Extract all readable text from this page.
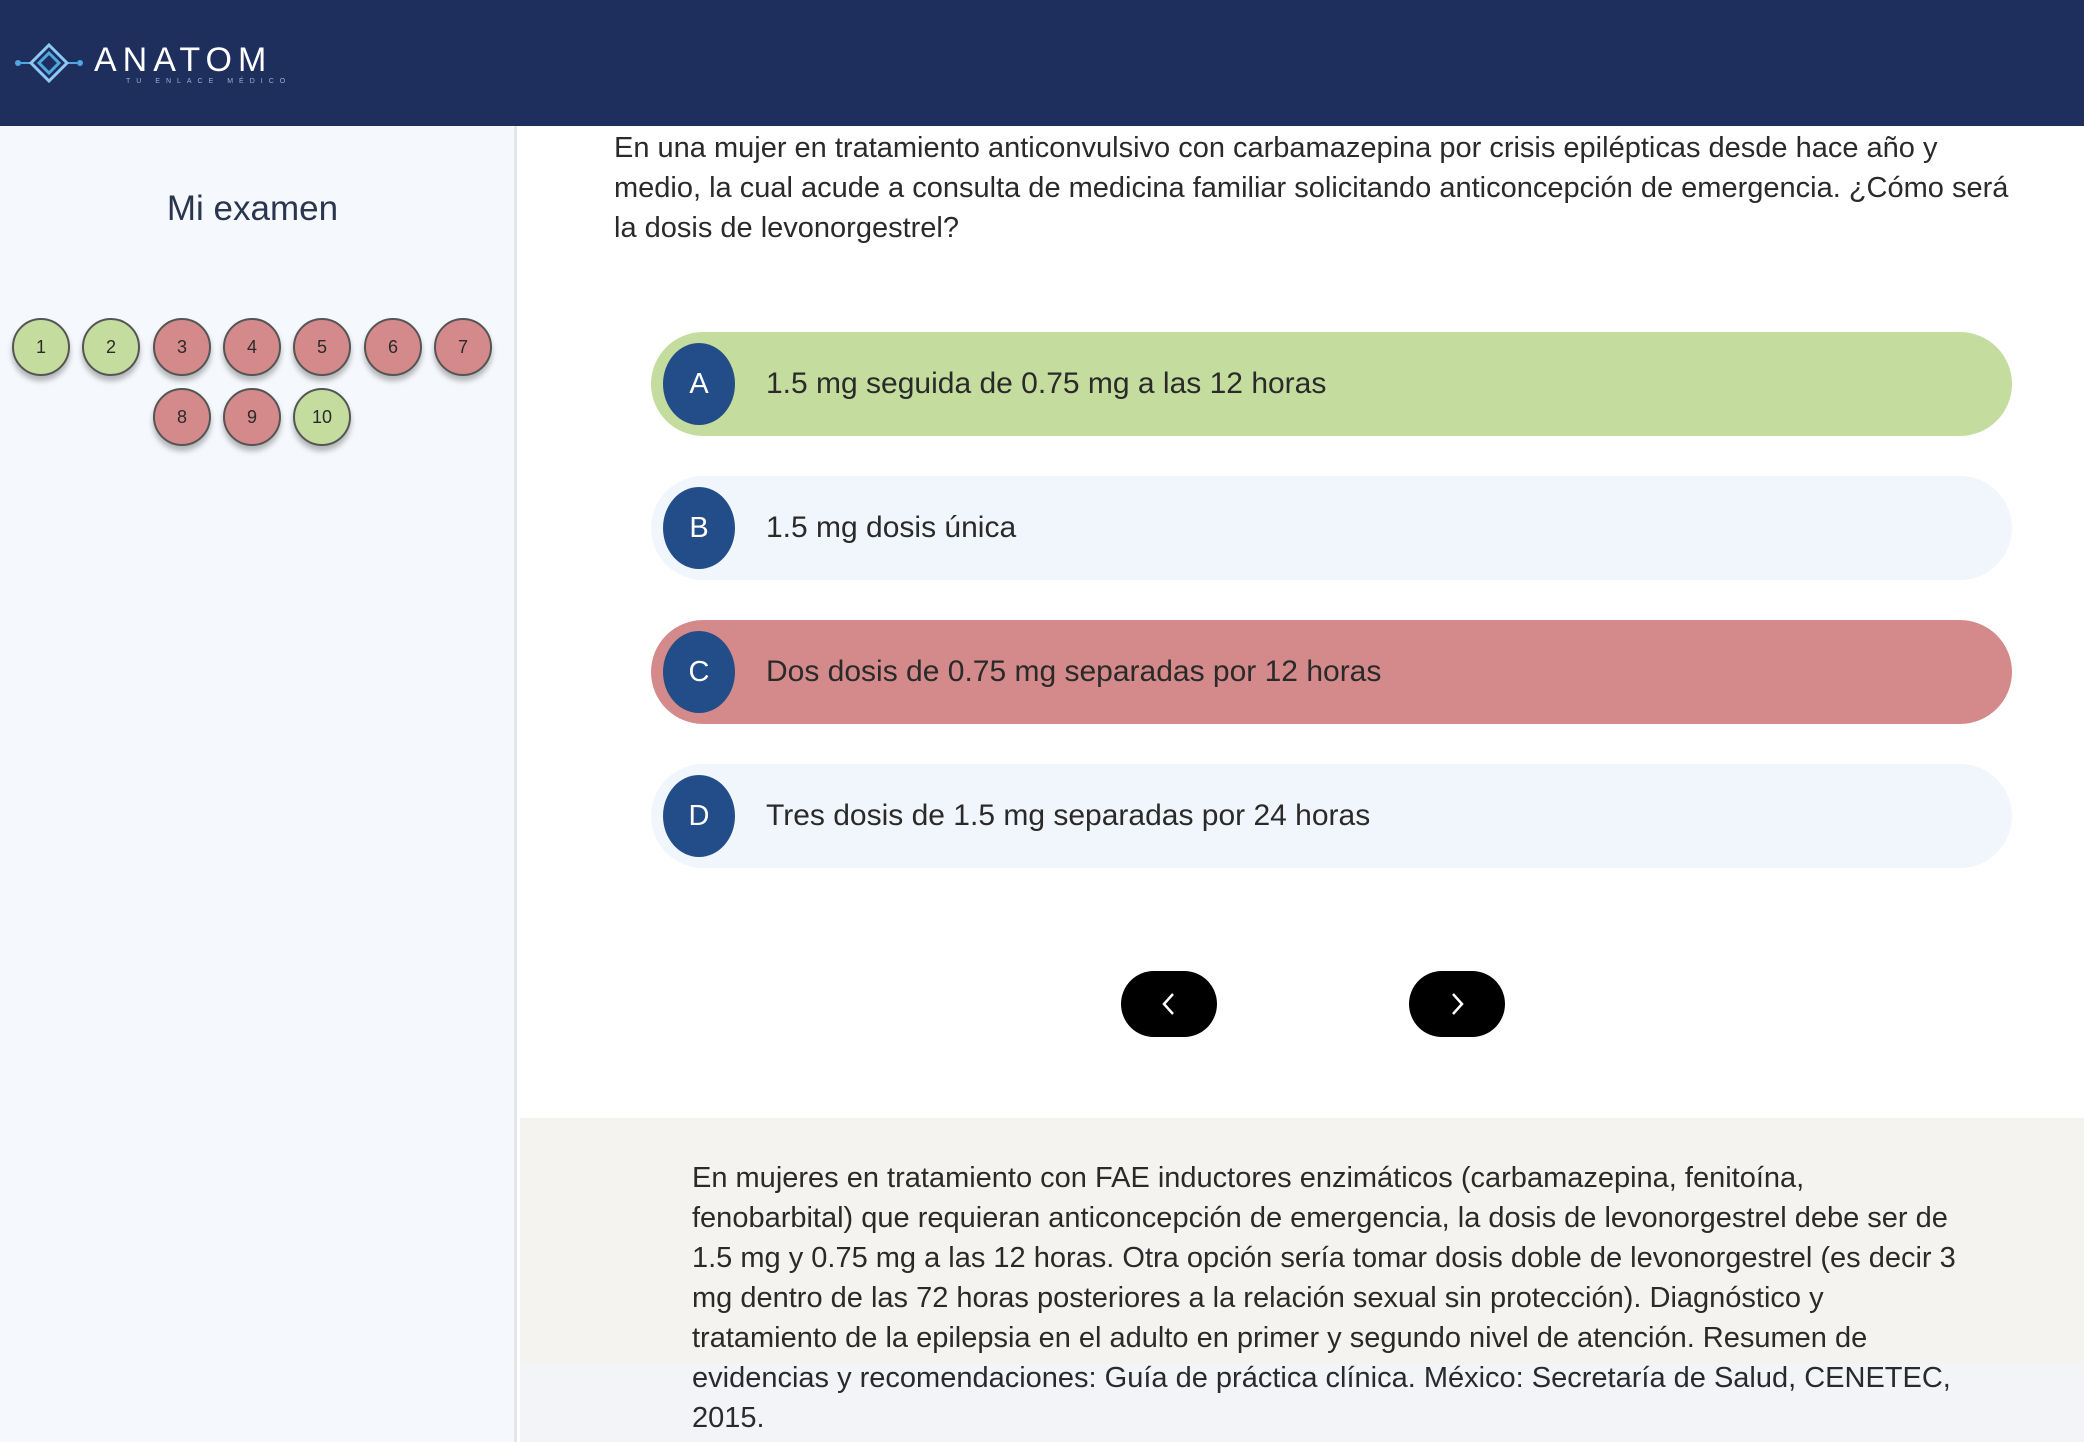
ANATOM
TU ENLACE MÉDICO
Mi examen
1	2	3	4	5	6	7
8	9	10
En una mujer en tratamiento anticonvulsivo con carbamazepina por crisis epilépticas desde hace año y medio, la cual acude a consulta de medicina familiar solicitando anticoncepción de emergencia. ¿Cómo será la dosis de levonorgestrel?
A	1.5 mg seguida de 0.75 mg a las 12 horas
B	1.5 mg dosis única
C	Dos dosis de 0.75 mg separadas por 12 horas
D	Tres dosis de 1.5 mg separadas por 24 horas
En mujeres en tratamiento con FAE inductores enzimáticos (carbamazepina, fenitoína, fenobarbital) que requieran anticoncepción de emergencia, la dosis de levonorgestrel debe ser de 1.5 mg y 0.75 mg a las 12 horas. Otra opción sería tomar dosis doble de levonorgestrel (es decir 3 mg dentro de las 72 horas posteriores a la relación sexual sin protección). Diagnóstico y tratamiento de la epilepsia en el adulto en primer y segundo nivel de atención. Resumen de evidencias y recomendaciones: Guía de práctica clínica. México: Secretaría de Salud, CENETEC, 2015.
